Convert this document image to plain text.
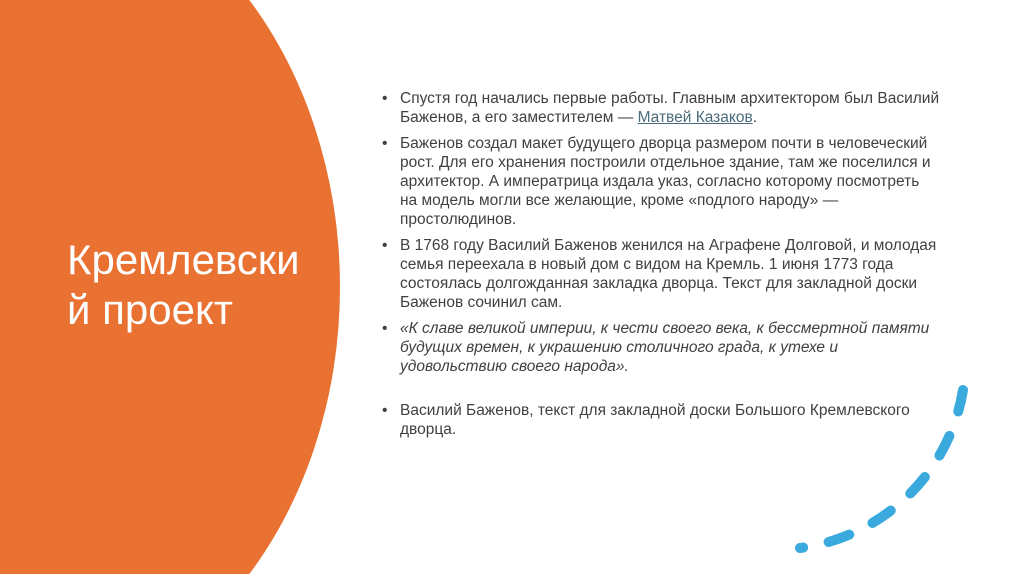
Кремлевский проект
• Спустя год начались первые работы. Главным архитектором был Василий Баженов, а его заместителем — Матвей Казаков.
• Баженов создал макет будущего дворца размером почти в человеческий рост. Для его хранения построили отдельное здание, там же поселился и архитектор. А императрица издала указ, согласно которому посмотреть на модель могли все желающие, кроме «подлого народу» — простолюдинов.
• В 1768 году Василий Баженов женился на Аграфене Долговой, и молодая семья переехала в новый дом с видом на Кремль. 1 июня 1773 года состоялась долгожданная закладка дворца. Текст для закладной доски Баженов сочинил сам.
• «К славе великой империи, к чести своего века, к бессмертной памяти будущих времен, к украшению столичного града, к утехе и удовольствию своего народа».
• Василий Баженов, текст для закладной доски Большого Кремлевского дворца.
